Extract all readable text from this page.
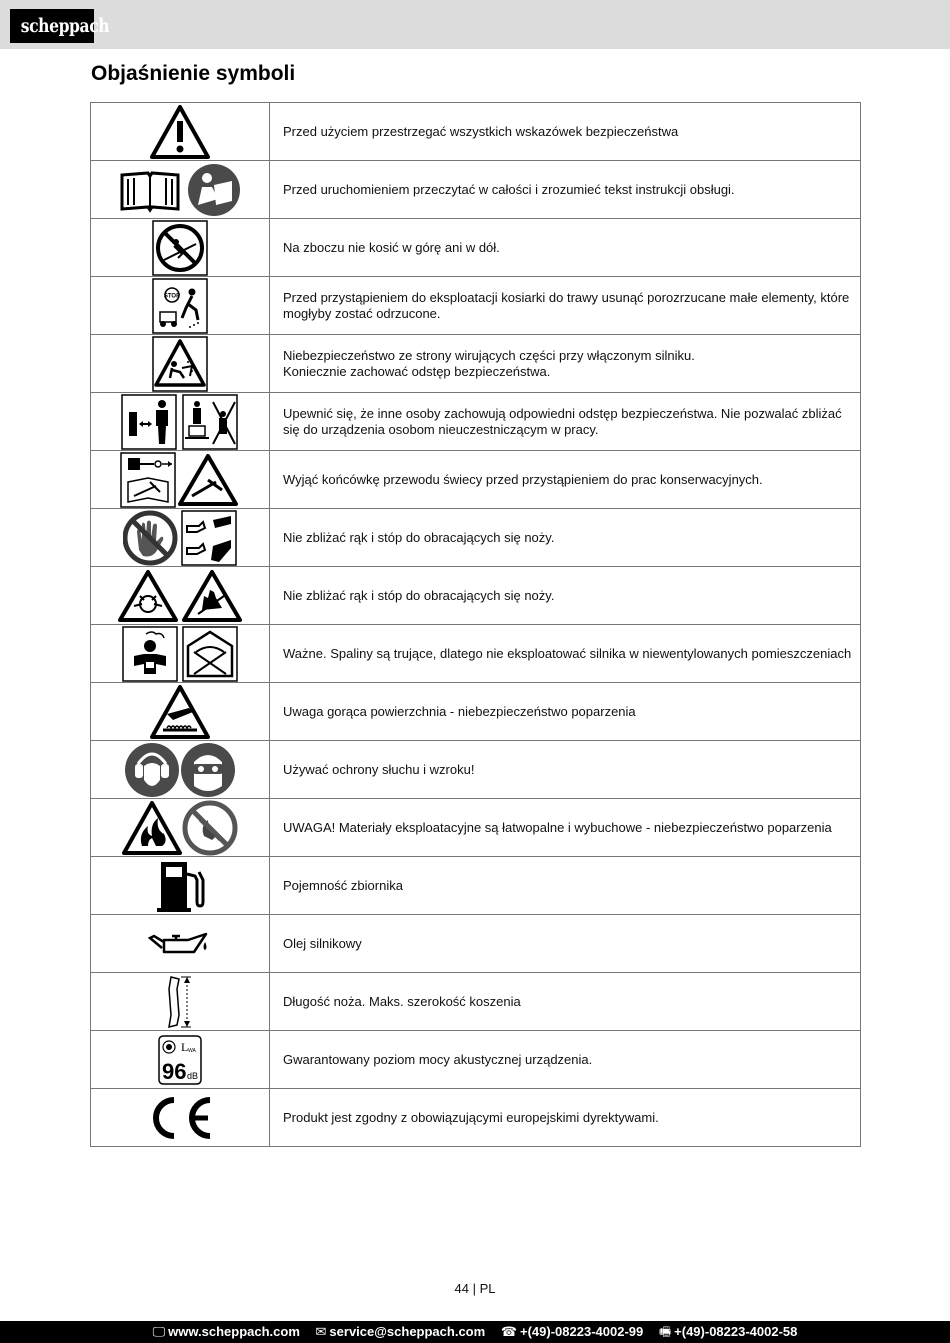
scheppach
Objaśnienie symboli

Przed użyciem przestrzegać wszystkich wskazówek bezpieczeństwa

Przed uruchomieniem przeczytać w całości i zrozumieć tekst instrukcji obsługi.

Na zboczu nie kosić w górę ani w dół.

STOP	Przed przystąpieniem do eksploatacji kosiarki do trawy usunąć porozrzucane małe elementy, które
mogłyby zostać odrzucone.

Niebezpieczeństwo ze strony wirujących części przy włączonym silniku.
Koniecznie zachować odstęp bezpieczeństwa.

Upewnić się, że inne osoby zachowują odpowiedni odstęp bezpieczeństwa. Nie pozwalać zbliżać
się do urządzenia osobom nieuczestniczącym w pracy.

Wyjąć końcówkę przewodu świecy przed przystąpieniem do prac konserwacyjnych.

Nie zbliżać rąk i stóp do obracających się noży.

Nie zbliżać rąk i stóp do obracających się noży.

Ważne. Spaliny są trujące, dlatego nie eksploatować silnika w niewentylowanych pomieszczeniach

Uwaga gorąca powierzchnia - niebezpieczeństwo poparzenia

Używać ochrony słuchu i wzroku!

UWAGA! Materiały eksploatacyjne są łatwopalne i wybuchowe - niebezpieczeństwo poparzenia

Pojemność zbiornika

Olej silnikowy

Długość noża. Maks. szerokość koszenia

L WA
96 dB	Gwarantowany poziom mocy akustycznej urządzenia.

Produkt jest zgodny z obowiązującymi europejskimi dyrektywami.
44 | PL
🖵 www.scheppach.com ✉ service@scheppach.com ☎ +(49)-08223-4002-99 🖷 +(49)-08223-4002-58
